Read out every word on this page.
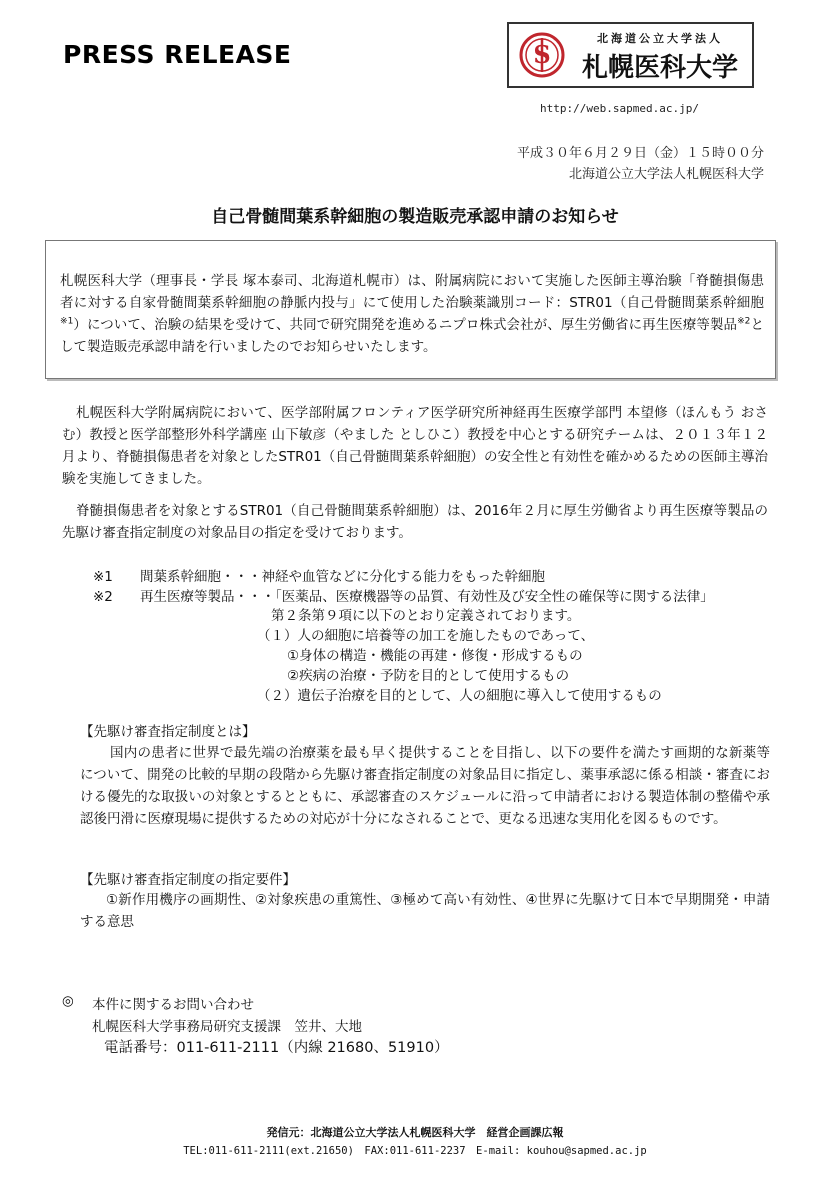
PRESS RELEASE	S
北海道公立大学法人
札幌医科大学
http://web.sapmed.ac.jp/
平成３０年６月２９日（金）１５時００分
北海道公立大学法人札幌医科大学
自己骨髄間葉系幹細胞の製造販売承認申請のお知らせ

札幌医科大学（理事長・学長 塚本泰司、北海道札幌市）は、附属病院において実施した医師主導治験「脊髄損傷患者に対する自家骨髄間葉系幹細胞の静脈内投与」にて使用した治験薬識別コード：STR01（自己骨髄間葉系幹細胞$^{※1}$）について、治験の結果を受けて、共同で研究開発を進めるニプロ株式会社が、厚生労働省に再生医療等製品$^{※2}$として製造販売承認申請を行いましたのでお知らせいたします。

札幌医科大学附属病院において、医学部附属フロンティア医学研究所神経再生医療学部門 本望修（ほんもう おさむ）教授と医学部整形外科学講座 山下敏彦（やました としひこ）教授を中心とする研究チームは、２０１３年１２月より、脊髄損傷患者を対象としたSTR01（自己骨髄間葉系幹細胞）の安全性と有効性を確かめるための医師主導治験を実施してきました。

脊髄損傷患者を対象とするSTR01（自己骨髄間葉系幹細胞）は、2016年２月に厚生労働省より再生医療等製品の先駆け審査指定制度の対象品目の指定を受けております。

※1 間葉系幹細胞・・・神経や血管などに分化する能力をもった幹細胞
※2 再生医療等製品・・・「医薬品、医療機器等の品質、有効性及び安全性の確保等に関する法律」
第２条第９項に以下のとおり定義されております。
（１）人の細胞に培養等の加工を施したものであって、
①身体の構造・機能の再建・修復・形成するもの
②疾病の治療・予防を目的として使用するもの
（２）遺伝子治療を目的として、人の細胞に導入して使用するもの
【先駆け審査指定制度とは】

国内の患者に世界で最先端の治療薬を最も早く提供することを目指し、以下の要件を満たす画期的な新薬等について、開発の比較的早期の段階から先駆け審査指定制度の対象品目に指定し、薬事承認に係る相談・審査における優先的な取扱いの対象とするとともに、承認審査のスケジュールに沿って申請者における製造体制の整備や承認後円滑に医療現場に提供するための対応が十分になされることで、更なる迅速な実用化を図るものです。

【先駆け審査指定制度の指定要件】

①新作用機序の画期性、②対象疾患の重篤性、③極めて高い有効性、④世界に先駆けて日本で早期開発・申請する意思

◎ 本件に関するお問い合わせ
札幌医科大学事務局研究支援課　笠井、大地
電話番号：011-611-2111（内線 21680、51910）
発信元：北海道公立大学法人札幌医科大学　経営企画課広報
TEL:011-611-2111(ext.21650)　FAX:011-611-2237　E-mail: kouhou@sapmed.ac.jp
